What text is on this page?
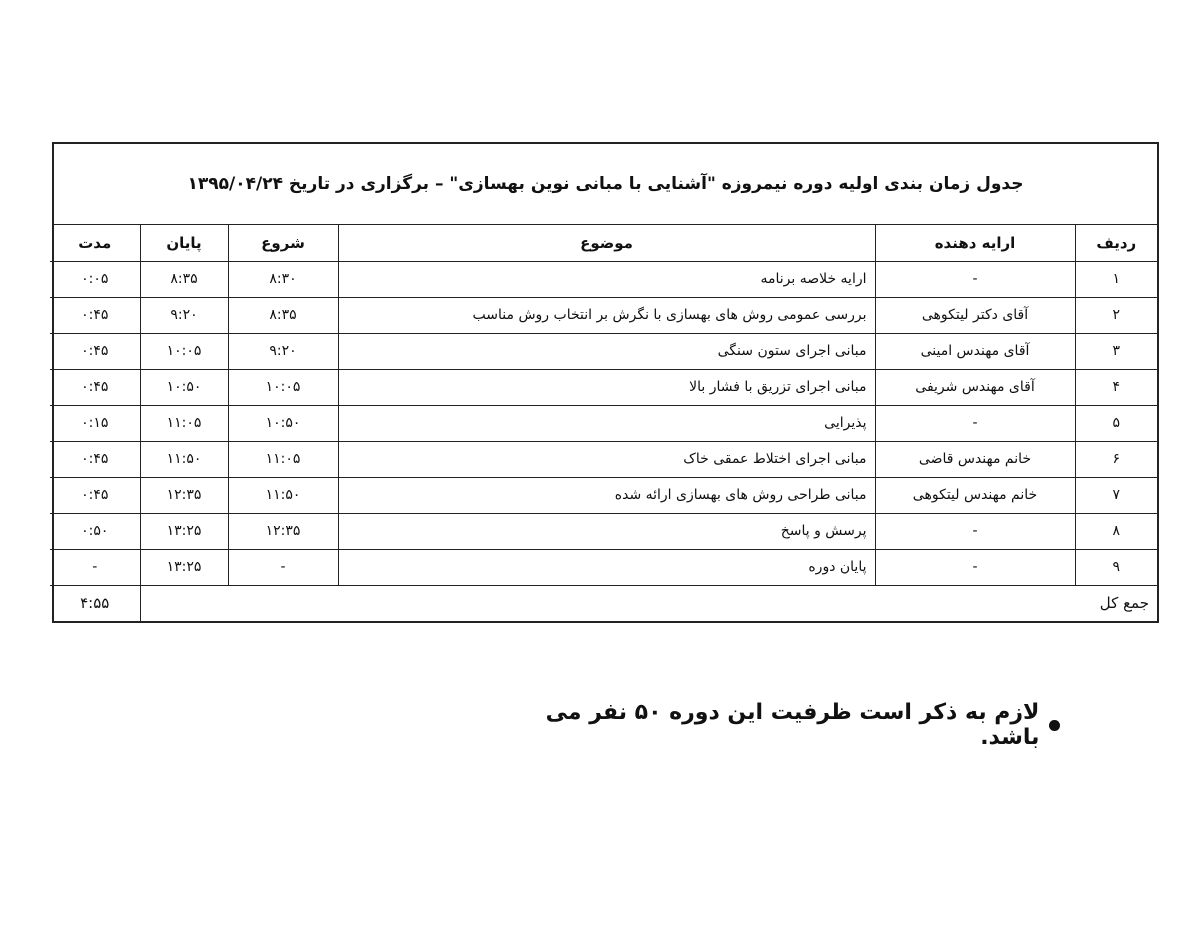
جدول زمان بندی اولیه دوره نیمروزه "آشنایی با مبانی نوین بهسازی" – برگزاری در تاریخ ۱۳۹۵/۰۴/۲۴
ردیف	ارایه دهنده	موضوع	شروع	پایان	مدت
۱	-	ارایه خلاصه برنامه	۸:۳۰	۸:۳۵	۰:۰۵
۲	آقای دکتر لیتکوهی	بررسی عمومی روش های بهسازی با نگرش بر انتخاب روش مناسب	۸:۳۵	۹:۲۰	۰:۴۵
۳	آقای مهندس امینی	مبانی اجرای ستون سنگی	۹:۲۰	۱۰:۰۵	۰:۴۵
۴	آقای مهندس شریفی	مبانی اجرای تزریق با فشار بالا	۱۰:۰۵	۱۰:۵۰	۰:۴۵
۵	-	پذیرایی	۱۰:۵۰	۱۱:۰۵	۰:۱۵
۶	خانم مهندس قاضی	مبانی اجرای اختلاط عمقی خاک	۱۱:۰۵	۱۱:۵۰	۰:۴۵
۷	خانم مهندس لیتکوهی	مبانی طراحی روش های بهسازی ارائه شده	۱۱:۵۰	۱۲:۳۵	۰:۴۵
۸	-	پرسش و پاسخ	۱۲:۳۵	۱۳:۲۵	۰:۵۰
۹	-	پایان دوره	-	۱۳:۲۵	-
جمع کل					۴:۵۵
لازم به ذکر است ظرفیت این دوره ۵۰ نفر می باشد.
